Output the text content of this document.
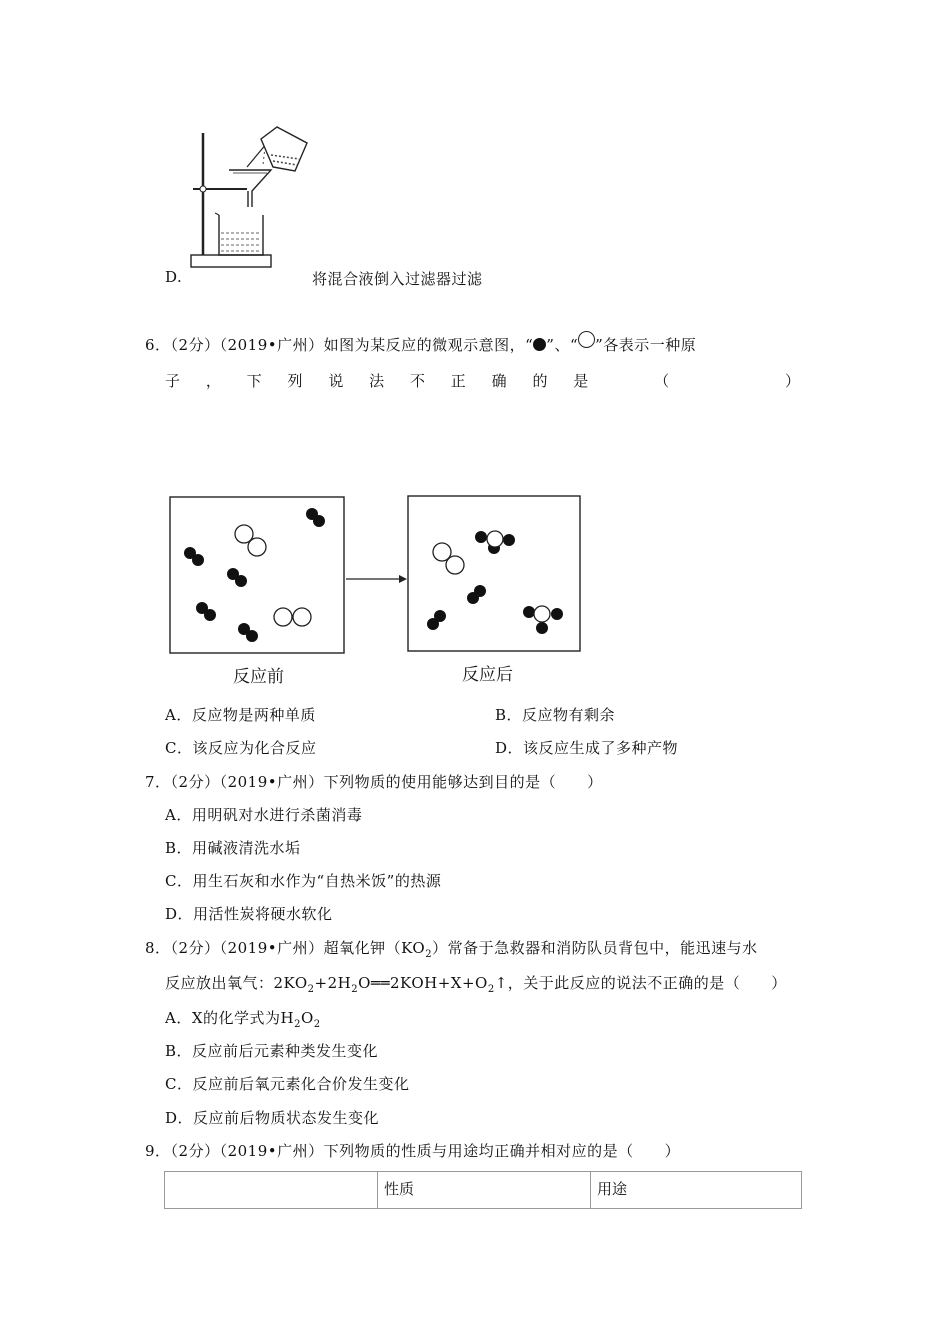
D.	将混合液倒入过滤器过滤
6．（2分）（2019•广州）如图为某反应的微观示意图，“ ”、“ ”各表示一种原
子 ， 下 列 说 法 不 正 确 的 是	（	）
反应前	反应后
A．反应物是两种单质	B．反应物有剩余
C．该反应为化合反应	D．该反应生成了多种产物
7．（2分）（2019•广州）下列物质的使用能够达到目的是（　　）
A．用明矾对水进行杀菌消毒
B．用碱液清洗水垢
C．用生石灰和水作为“自热米饭”的热源
D．用活性炭将硬水软化
8．（2分）（2019•广州）超氧化钾$(KO_2)$常备于急救器和消防队员背包中，能迅速与水
反应放出氧气：$2KO_2+2H_2O══2KOH+X+O_2↑$，关于此反应的说法不正确的是（　　）
A．X的化学式为$H_2O_2$
B．反应前后元素种类发生变化
C．反应前后氧元素化合价发生变化
D．反应前后物质状态发生变化
9．（2分）（2019•广州）下列物质的性质与用途均正确并相对应的是（　　）
	性质	用途
